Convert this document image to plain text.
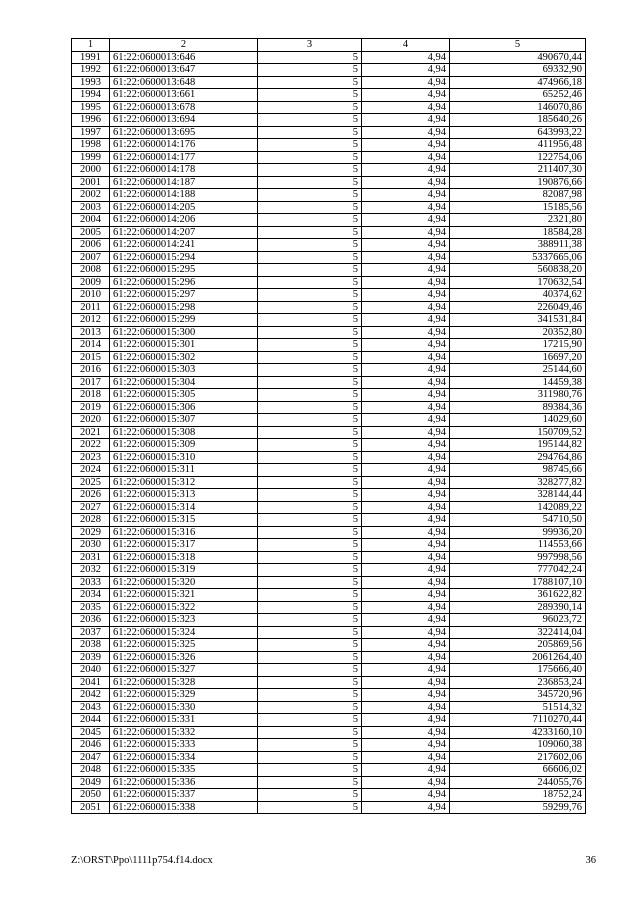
1	2	3	4	5
1991	61:22:0600013:646	5	4,94	490670,44
1992	61:22:0600013:647	5	4,94	69332,90
1993	61:22:0600013:648	5	4,94	474966,18
1994	61:22:0600013:661	5	4,94	65252,46
1995	61:22:0600013:678	5	4,94	146070,86
1996	61:22:0600013:694	5	4,94	185640,26
1997	61:22:0600013:695	5	4,94	643993,22
1998	61:22:0600014:176	5	4,94	411956,48
1999	61:22:0600014:177	5	4,94	122754,06
2000	61:22:0600014:178	5	4,94	211407,30
2001	61:22:0600014:187	5	4,94	190876,66
2002	61:22:0600014:188	5	4,94	82087,98
2003	61:22:0600014:205	5	4,94	15185,56
2004	61:22:0600014:206	5	4,94	2321,80
2005	61:22:0600014:207	5	4,94	18584,28
2006	61:22:0600014:241	5	4,94	388911,38
2007	61:22:0600015:294	5	4,94	5337665,06
2008	61:22:0600015:295	5	4,94	560838,20
2009	61:22:0600015:296	5	4,94	170632,54
2010	61:22:0600015:297	5	4,94	40374,62
2011	61:22:0600015:298	5	4,94	226049,46
2012	61:22:0600015:299	5	4,94	341531,84
2013	61:22:0600015:300	5	4,94	20352,80
2014	61:22:0600015:301	5	4,94	17215,90
2015	61:22:0600015:302	5	4,94	16697,20
2016	61:22:0600015:303	5	4,94	25144,60
2017	61:22:0600015:304	5	4,94	14459,38
2018	61:22:0600015:305	5	4,94	311980,76
2019	61:22:0600015:306	5	4,94	89384,36
2020	61:22:0600015:307	5	4,94	14029,60
2021	61:22:0600015:308	5	4,94	150709,52
2022	61:22:0600015:309	5	4,94	195144,82
2023	61:22:0600015:310	5	4,94	294764,86
2024	61:22:0600015:311	5	4,94	98745,66
2025	61:22:0600015:312	5	4,94	328277,82
2026	61:22:0600015:313	5	4,94	328144,44
2027	61:22:0600015:314	5	4,94	142089,22
2028	61:22:0600015:315	5	4,94	54710,50
2029	61:22:0600015:316	5	4,94	99936,20
2030	61:22:0600015:317	5	4,94	114553,66
2031	61:22:0600015:318	5	4,94	997998,56
2032	61:22:0600015:319	5	4,94	777042,24
2033	61:22:0600015:320	5	4,94	1788107,10
2034	61:22:0600015:321	5	4,94	361622,82
2035	61:22:0600015:322	5	4,94	289390,14
2036	61:22:0600015:323	5	4,94	96023,72
2037	61:22:0600015:324	5	4,94	322414,04
2038	61:22:0600015:325	5	4,94	205869,56
2039	61:22:0600015:326	5	4,94	2061264,40
2040	61:22:0600015:327	5	4,94	175666,40
2041	61:22:0600015:328	5	4,94	236853,24
2042	61:22:0600015:329	5	4,94	345720,96
2043	61:22:0600015:330	5	4,94	51514,32
2044	61:22:0600015:331	5	4,94	7110270,44
2045	61:22:0600015:332	5	4,94	4233160,10
2046	61:22:0600015:333	5	4,94	109060,38
2047	61:22:0600015:334	5	4,94	217602,06
2048	61:22:0600015:335	5	4,94	66606,02
2049	61:22:0600015:336	5	4,94	244055,76
2050	61:22:0600015:337	5	4,94	18752,24
2051	61:22:0600015:338	5	4,94	59299,76
Z:\ORST\Ppo\1111p754.f14.docx	36
